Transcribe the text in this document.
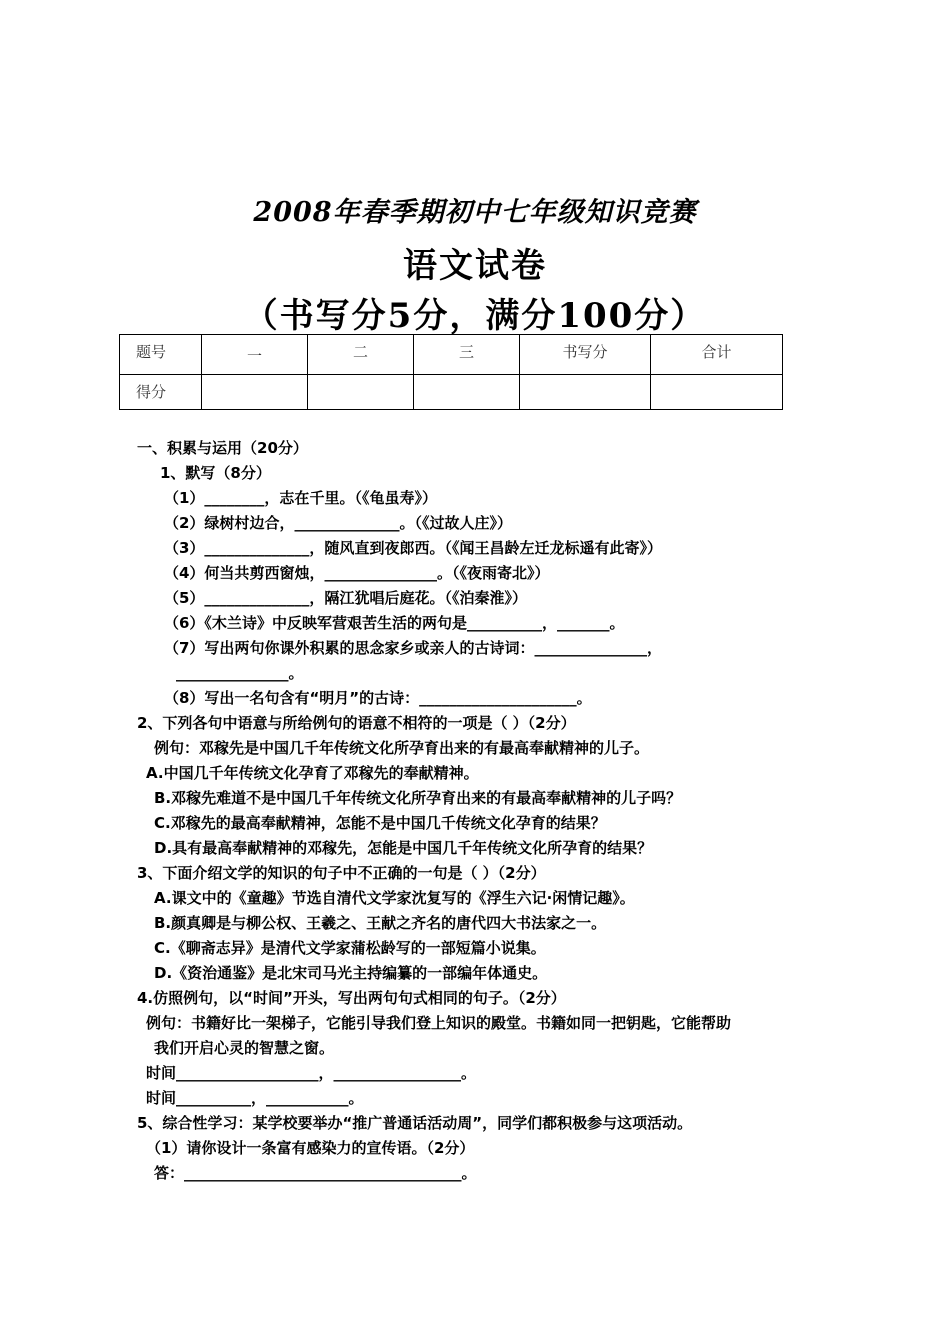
2008年春季期初中七年级知识竞赛
语文试卷
（书写分5分，满分100分）
题号	一	二	三	书写分	合计
得分					
一、积累与运用（20分）
1、默写（8分）
（1）________，志在千里。（《龟虽寿》）
（2）绿树村边合，______________。（《过故人庄》）
（3）______________，随风直到夜郎西。（《闻王昌龄左迁龙标遥有此寄》）
（4）何当共剪西窗烛，_______________。（《夜雨寄北》）
（5）______________，隔江犹唱后庭花。（《泊秦淮》）
（6）《木兰诗》中反映军营艰苦生活的两句是__________，_______。
（7）写出两句你课外积累的思念家乡或亲人的古诗词：_______________，
_______________。
（8）写出一名句含有“明月”的古诗：_____________________。
2、下列各句中语意与所给例句的语意不相符的一项是（ ）（2分）
例句：邓稼先是中国几千年传统文化所孕育出来的有最高奉献精神的儿子。
A.中国几千年传统文化孕育了邓稼先的奉献精神。
B.邓稼先难道不是中国几千年传统文化所孕育出来的有最高奉献精神的儿子吗？
C.邓稼先的最高奉献精神，怎能不是中国几千传统文化孕育的结果？
D.具有最高奉献精神的邓稼先，怎能是中国几千年传统文化所孕育的结果？
3、下面介绍文学的知识的句子中不正确的一句是（ ）（2分）
A.课文中的《童趣》节选自清代文学家沈复写的《浮生六记·闲情记趣》。
B.颜真卿是与柳公权、王羲之、王献之齐名的唐代四大书法家之一。
C.《聊斋志异》是清代文学家蒲松龄写的一部短篇小说集。
D.《资治通鉴》是北宋司马光主持编纂的一部编年体通史。
4.仿照例句，以“时间”开头，写出两句句式相同的句子。（2分）
例句：书籍好比一架梯子，它能引导我们登上知识的殿堂。书籍如同一把钥匙，它能帮助
我们开启心灵的智慧之窗。
时间___________________，_________________。
时间__________，___________。
5、综合性学习：某学校要举办“推广普通话活动周”，同学们都积极参与这项活动。
（1）请你设计一条富有感染力的宣传语。（2分）
答：_____________________________________。
